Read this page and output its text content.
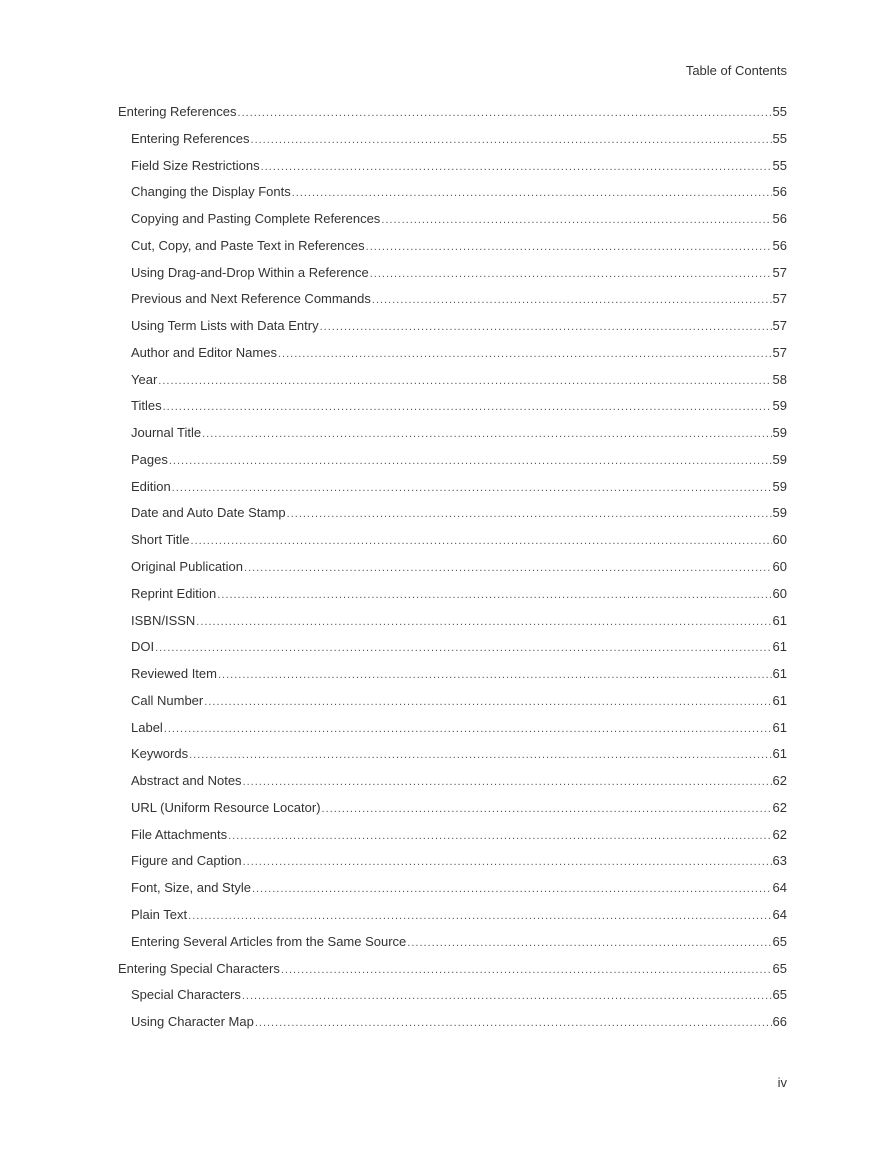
Table of Contents
Entering References .....	55
Entering References .....	55
Field Size Restrictions .....	55
Changing the Display Fonts .....	56
Copying and Pasting Complete References .....	56
Cut, Copy, and Paste Text in References .....	56
Using Drag-and-Drop Within a Reference .....	57
Previous and Next Reference Commands .....	57
Using Term Lists with Data Entry .....	57
Author and Editor Names .....	57
Year .....	58
Titles .....	59
Journal Title .....	59
Pages .....	59
Edition .....	59
Date and Auto Date Stamp .....	59
Short Title .....	60
Original Publication .....	60
Reprint Edition .....	60
ISBN/ISSN .....	61
DOI .....	61
Reviewed Item .....	61
Call Number .....	61
Label .....	61
Keywords .....	61
Abstract and Notes .....	62
URL (Uniform Resource Locator) .....	62
File Attachments .....	62
Figure and Caption .....	63
Font, Size, and Style .....	64
Plain Text .....	64
Entering Several Articles from the Same Source .....	65
Entering Special Characters .....	65
Special Characters .....	65
Using Character Map .....	66
iv
